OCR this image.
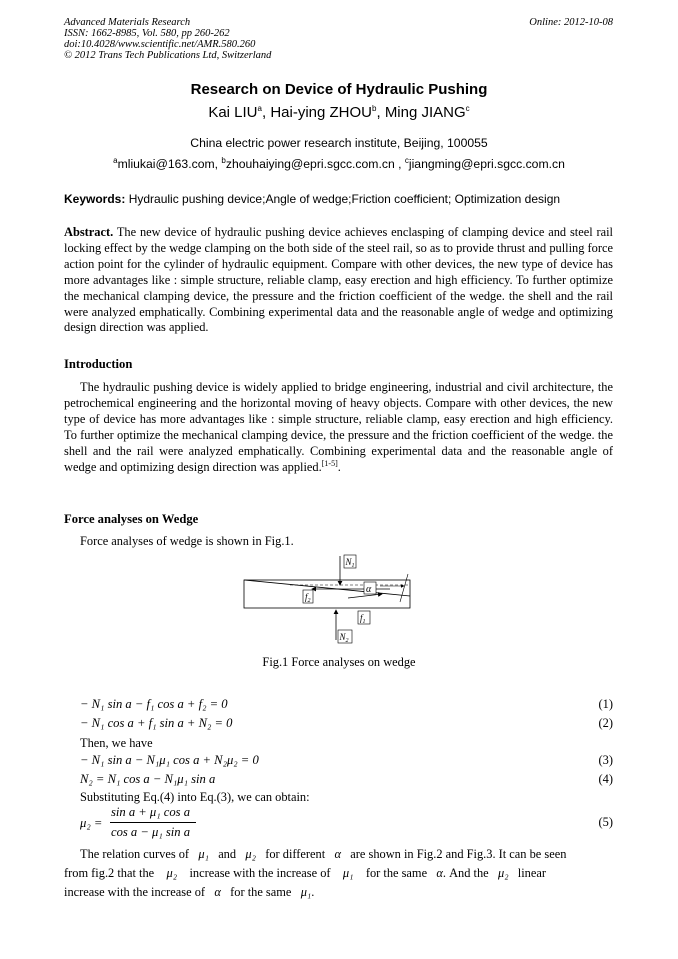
Advanced Materials Research
ISSN: 1662-8985, Vol. 580, pp 260-262
doi:10.4028/www.scientific.net/AMR.580.260
© 2012 Trans Tech Publications Ltd, Switzerland
Online: 2012-10-08
Research on Device of Hydraulic Pushing
Kai LIU$^a$, Hai-ying ZHOU$^b$, Ming JIANG$^c$
China electric power research institute, Beijing, 100055
$^a$mliukai@163.com, $^b$zhouhaiying@epri.sgcc.com.cn , $^c$jiangming@epri.sgcc.com.cn
Keywords: Hydraulic pushing device;Angle of wedge;Friction coefficient; Optimization design
Abstract. The new device of hydraulic pushing device achieves enclasping of clamping device and steel rail locking effect by the wedge clamping on the both side of the steel rail, so as to provide thrust and pulling force action point for the cylinder of hydraulic equipment. Compare with other devices, the new type of device has more advantages like : simple structure, reliable clamp, easy erection and high efficiency. To further optimize the mechanical clamping device, the pressure and the friction coefficient of the wedge. the shell and the rail were analyzed emphatically. Combining experimental data and the reasonable angle of wedge and optimizing design direction was applied.
Introduction
The hydraulic pushing device is widely applied to bridge engineering, industrial and civil architecture, the petrochemical engineering and the horizontal moving of heavy objects. Compare with other devices, the new type of device has more advantages like : simple structure, reliable clamp, easy erection and high efficiency. To further optimize the mechanical clamping device, the pressure and the friction coefficient of the wedge. the shell and the rail were analyzed emphatically. Combining experimental data and the reasonable angle of wedge and optimizing design direction was applied.[1-5].
Force analyses on Wedge
Force analyses of wedge is shown in Fig.1.
$N_1$
α
$f_2$
$f_1$
$N_2$
Fig.1 Force analyses on wedge
− N₁ sin a − f₁ cos a + f₂ = 0	(1)
− N₁ cos a + f₁ sin a + N₂ = 0	(2)
Then, we have
− N₁ sin a − N₁μ₁ cos a + N₂μ₂ = 0	(3)
N₂ = N₁ cos a − N₁μ₁ sin a	(4)
Substituting Eq.(4) into Eq.(3), we can obtain:
μ₂ =
sin a + μ₁ cos a
cos a − μ₁ sin a
(5)
The relation curves of μ₁ and μ₂ for different α are shown in Fig.2 and Fig.3. It can be seen
from fig.2 that the μ₂ increase with the increase of μ₁ for the same α. And the μ₂ linear
increase with the increase of α for the same μ₁.
